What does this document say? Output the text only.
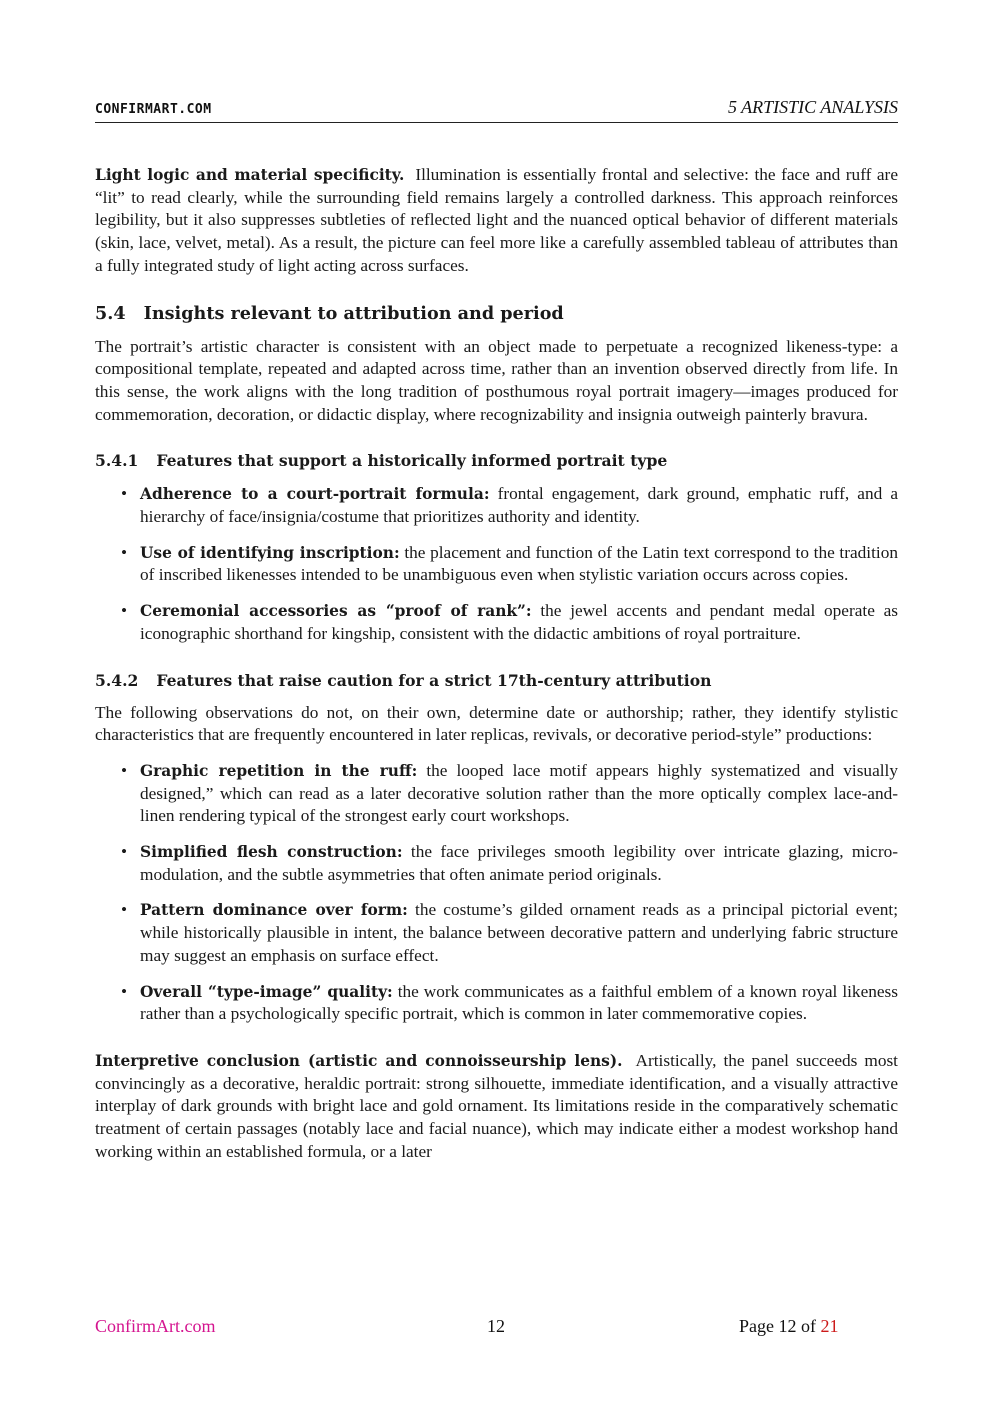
CONFIRMART.COM	5 ARTISTIC ANALYSIS

Light logic and material specificity. Illumination is essentially frontal and selective: the face and ruff are “lit” to read clearly, while the surrounding field remains largely a controlled darkness. This approach reinforces legibility, but it also suppresses subtleties of reflected light and the nuanced optical behavior of different materials (skin, lace, velvet, metal). As a result, the picture can feel more like a carefully assembled tableau of attributes than a fully integrated study of light acting across surfaces.

5.4 Insights relevant to attribution and period

The portrait’s artistic character is consistent with an object made to perpetuate a recognized likeness-type: a compositional template, repeated and adapted across time, rather than an invention observed directly from life. In this sense, the work aligns with the long tradition of posthumous royal portrait imagery—images produced for commemoration, decoration, or didactic display, where recognizability and insignia outweigh painterly bravura.

5.4.1 Features that support a historically informed portrait type
• Adherence to a court-portrait formula: frontal engagement, dark ground, emphatic ruff, and a hierarchy of face/insignia/costume that prioritizes authority and identity.
• Use of identifying inscription: the placement and function of the Latin text correspond to the tradition of inscribed likenesses intended to be unambiguous even when stylistic variation occurs across copies.
• Ceremonial accessories as “proof of rank”: the jewel accents and pendant medal operate as iconographic shorthand for kingship, consistent with the didactic ambitions of royal portraiture.
5.4.2 Features that raise caution for a strict 17th-century attribution

The following observations do not, on their own, determine date or authorship; rather, they identify stylistic characteristics that are frequently encountered in later replicas, revivals, or decorative period-style” productions:

• Graphic repetition in the ruff: the looped lace motif appears highly systematized and visually designed,” which can read as a later decorative solution rather than the more optically complex lace-and-linen rendering typical of the strongest early court workshops.
• Simplified flesh construction: the face privileges smooth legibility over intricate glazing, micro-modulation, and the subtle asymmetries that often animate period originals.
• Pattern dominance over form: the costume’s gilded ornament reads as a principal pictorial event; while historically plausible in intent, the balance between decorative pattern and underlying fabric structure may suggest an emphasis on surface effect.
• Overall “type-image” quality: the work communicates as a faithful emblem of a known royal likeness rather than a psychologically specific portrait, which is common in later commemorative copies.

Interpretive conclusion (artistic and connoisseurship lens). Artistically, the panel succeeds most convincingly as a decorative, heraldic portrait: strong silhouette, immediate identification, and a visually attractive interplay of dark grounds with bright lace and gold ornament. Its limitations reside in the comparatively schematic treatment of certain passages (notably lace and facial nuance), which may indicate either a modest workshop hand working within an established formula, or a later

ConfirmArt.com	12	Page 12 of 21
